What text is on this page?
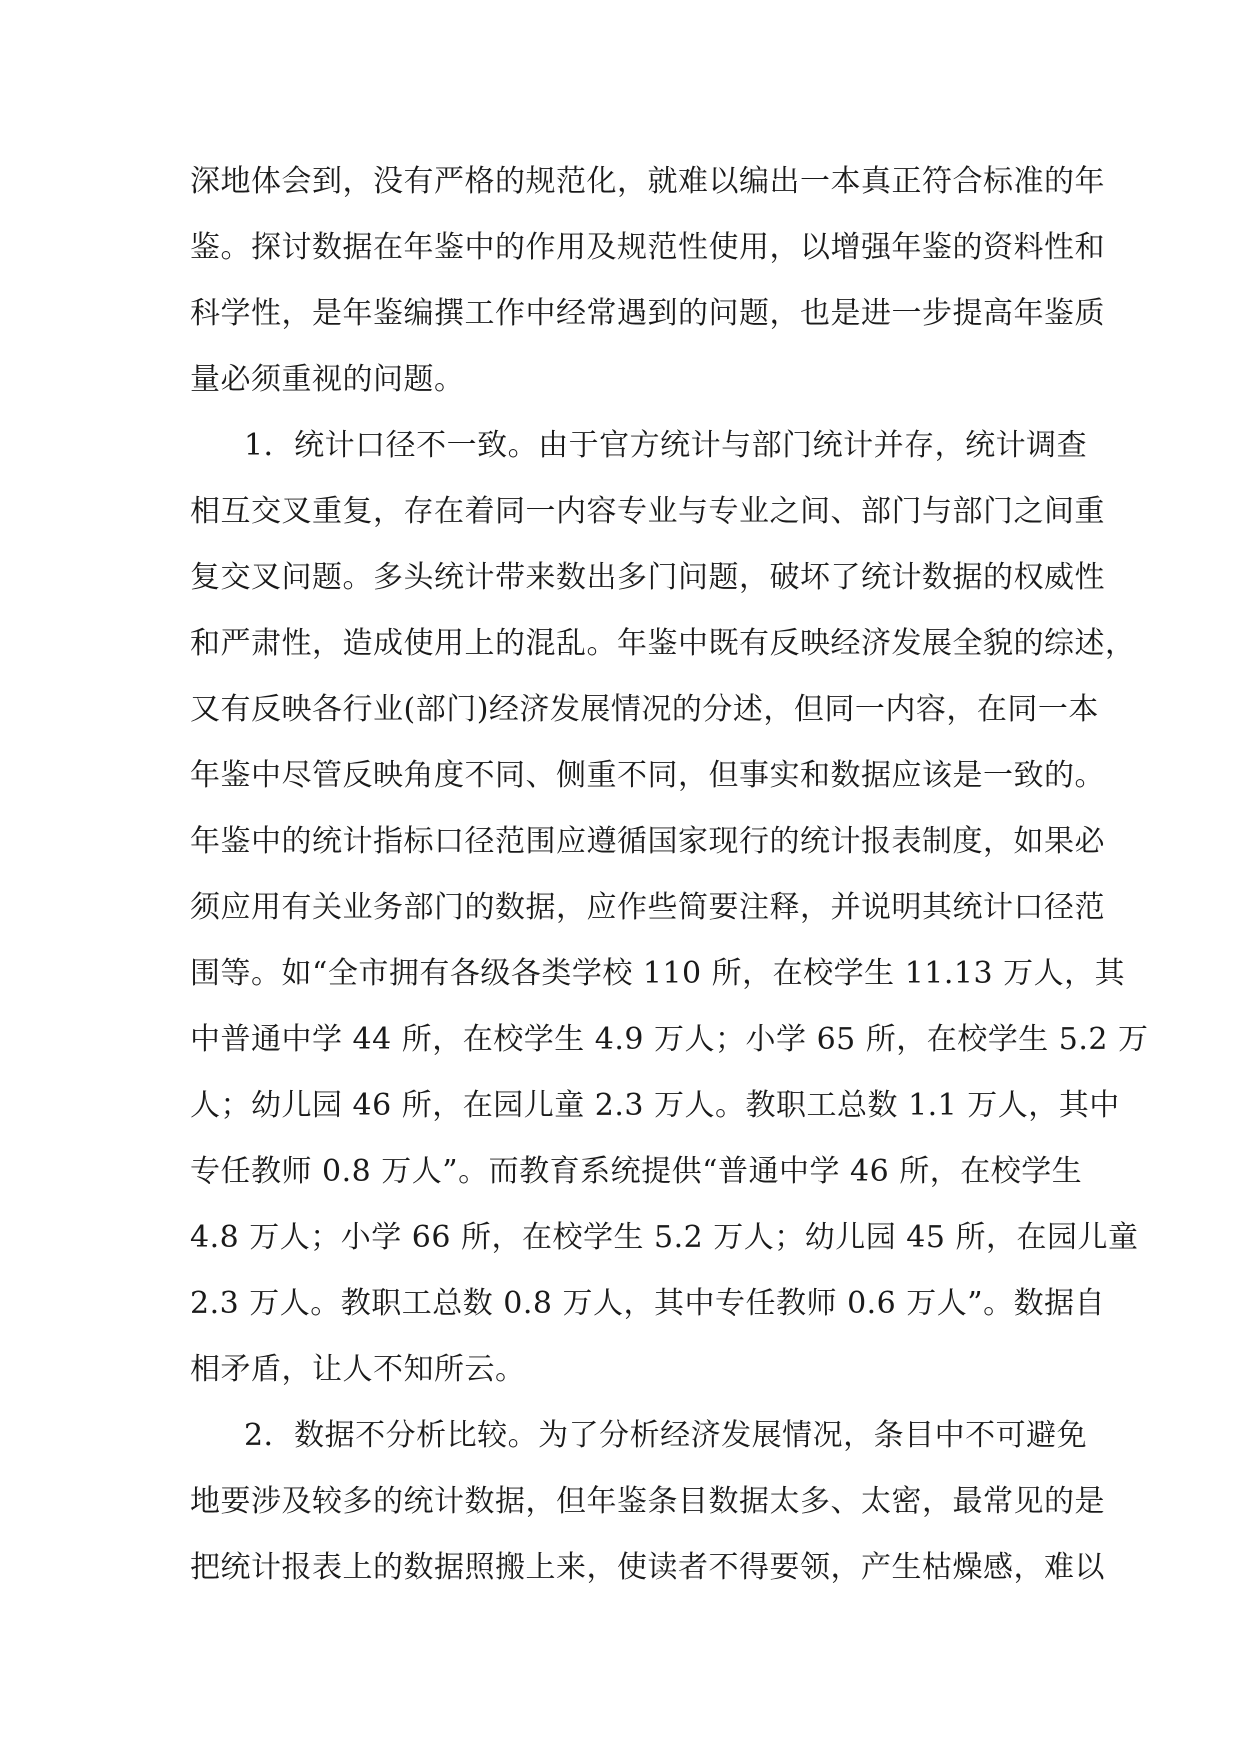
深地体会到，没有严格的规范化，就难以编出一本真正符合标准的年
鉴。探讨数据在年鉴中的作用及规范性使用，以增强年鉴的资料性和
科学性，是年鉴编撰工作中经常遇到的问题，也是进一步提高年鉴质
量必须重视的问题。
1．统计口径不一致。由于官方统计与部门统计并存，统计调查
相互交叉重复，存在着同一内容专业与专业之间、部门与部门之间重
复交叉问题。多头统计带来数出多门问题，破坏了统计数据的权威性
和严肃性，造成使用上的混乱。年鉴中既有反映经济发展全貌的综述，
又有反映各行业(部门)经济发展情况的分述，但同一内容，在同一本
年鉴中尽管反映角度不同、侧重不同，但事实和数据应该是一致的。
年鉴中的统计指标口径范围应遵循国家现行的统计报表制度，如果必
须应用有关业务部门的数据，应作些简要注释，并说明其统计口径范
围等。如“全市拥有各级各类学校 110 所，在校学生 11.13 万人，其
中普通中学 44 所，在校学生 4.9 万人；小学 65 所，在校学生 5.2 万
人；幼儿园 46 所，在园儿童 2.3 万人。教职工总数 1.1 万人，其中
专任教师 0.8 万人”。而教育系统提供“普通中学 46 所，在校学生
4.8 万人；小学 66 所，在校学生 5.2 万人；幼儿园 45 所，在园儿童
2.3 万人。教职工总数 0.8 万人，其中专任教师 0.6 万人”。数据自
相矛盾，让人不知所云。
2．数据不分析比较。为了分析经济发展情况，条目中不可避免
地要涉及较多的统计数据，但年鉴条目数据太多、太密，最常见的是
把统计报表上的数据照搬上来，使读者不得要领，产生枯燥感，难以
